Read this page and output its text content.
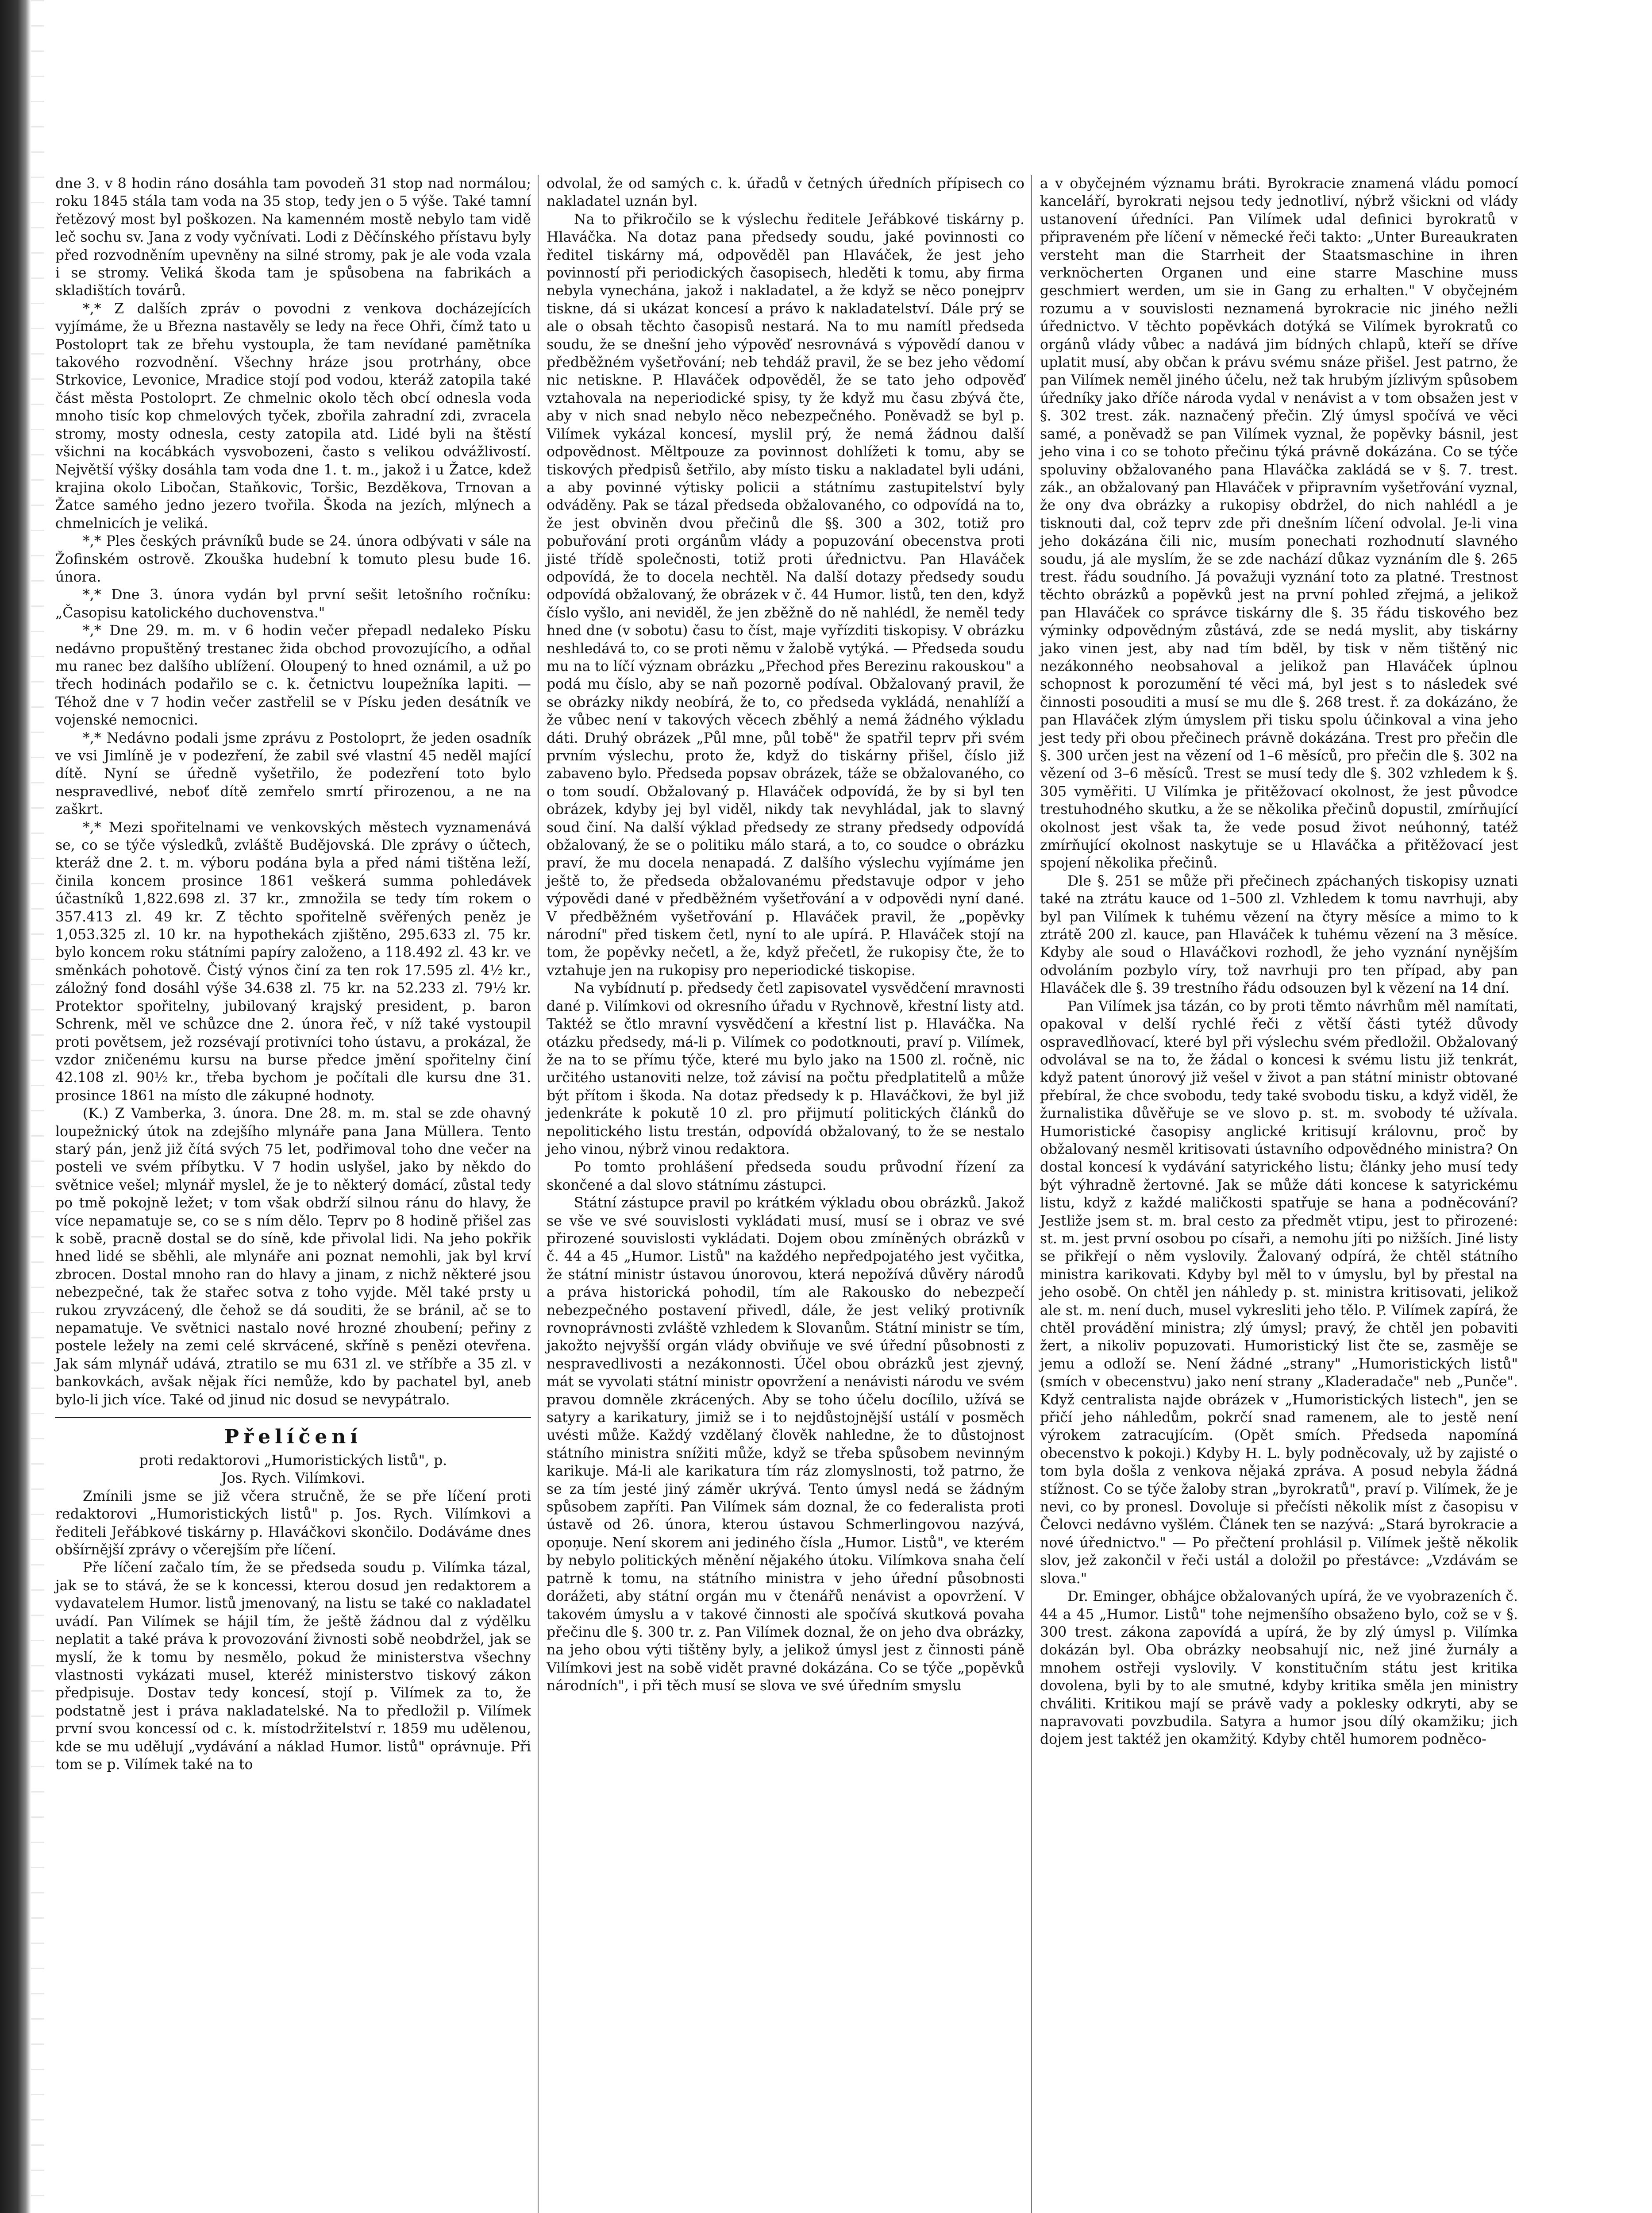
dne 3. v 8 hodin ráno dosáhla tam povodeň 31 stop nad normálou; roku 1845 stála tam voda na 35 stop, tedy jen o 5 výše. Také tamní řetězový most byl poškozen. Na kamenném mostě nebylo tam vidě leč sochu sv. Jana z vody vyčnívati. Lodi z Děčínského přístavu byly před rozvodněním upevněny na silné stromy, pak je ale voda vzala i se stromy. Veliká škoda tam je spůsobena na fabrikách a skladištích továrů.

*,* Z dalších zpráv o povodni z venkova docházejících vyjímáme, že u Března nastavěly se ledy na řece Ohři, čímž tato u Postoloprt tak ze břehu vystoupla, že tam nevídané pamětníka takového rozvodnění. Všechny hráze jsou protrhány, obce Strkovice, Levonice, Mradice stojí pod vodou, kteráž zatopila také část města Postoloprt. Ze chmelnic okolo těch obcí odnesla voda mnoho tisíc kop chmelových tyček, zbořila zahradní zdi, zvracela stromy, mosty odnesla, cesty zatopila atd. Lidé byli na štěstí všichni na kocábkách vysvobozeni, často s velikou odvážlivostí. Největší výšky dosáhla tam voda dne 1. t. m., jakož i u Žatce, kdež krajina okolo Libočan, Staňkovic, Toršic, Bezděkova, Trnovan a Žatce samého jedno jezero tvořila. Škoda na jezích, mlýnech a chmelnicích je veliká.

*,* Ples českých právníků bude se 24. února odbývati v sále na Žofinském ostrově. Zkouška hudební k tomuto plesu bude 16. února.

*,* Dne 3. února vydán byl první sešit letošního ročníku: „Časopisu katolického duchovenstva."

*,* Dne 29. m. m. v 6 hodin večer přepadl nedaleko Písku nedávno propuštěný trestanec žida obchod provozujícího, a odňal mu ranec bez dalšího ublížení. Oloupený to hned oznámil, a už po třech hodinách podařilo se c. k. četnictvu loupežníka lapiti. — Téhož dne v 7 hodin večer zastřelil se v Písku jeden desátník ve vojenské nemocnici.

*,* Nedávno podali jsme zprávu z Postoloprt, že jeden osadník ve vsi Jimlíně je v podezření, že zabil své vlastní 45 neděl mající dítě. Nyní se úředně vyšetřilo, že podezření toto bylo nespravedlivé, neboť dítě zemřelo smrtí přirozenou, a ne na zaškrt.

*,* Mezi spořitelnami ve venkovských městech vyznamenává se, co se týče výsledků, zvláště Budějovská. Dle zprávy o účtech, kteráž dne 2. t. m. výboru podána byla a před námi tištěna leží, činila koncem prosince 1861 veškerá summa pohledávek účastníků 1,822.698 zl. 37 kr., zmnožila se tedy tím rokem o 357.413 zl. 49 kr. Z těchto spořitelně svěřených peněz je 1,053.325 zl. 10 kr. na hypothekách zjištěno, 295.633 zl. 75 kr. bylo koncem roku státními papíry založeno, a 118.492 zl. 43 kr. ve směnkách pohotově. Čistý výnos činí za ten rok 17.595 zl. 4½ kr., záložný fond dosáhl výše 34.638 zl. 75 kr. na 52.233 zl. 79½ kr. Protektor spořitelny, jubilovaný krajský president, p. baron Schrenk, měl ve schůzce dne 2. února řeč, v níž také vystoupil proti povětsem, jež rozsévají protivníci toho ústavu, a prokázal, že vzdor zničenému kursu na burse předce jmění spořitelny činí 42.108 zl. 90½ kr., třeba bychom je počítali dle kursu dne 31. prosince 1861 na místo dle zákupné hodnoty.

(K.) Z Vamberka, 3. února. Dne 28. m. m. stal se zde ohavný loupežnický útok na zdejšího mlynáře pana Jana Müllera. Tento starý pán, jenž již čítá svých 75 let, podřimoval toho dne večer na posteli ve svém příbytku. V 7 hodin uslyšel, jako by někdo do světnice vešel; mlynář myslel, že je to některý domácí, zůstal tedy po tmě pokojně ležet; v tom však obdrží silnou ránu do hlavy, že více nepamatuje se, co se s ním dělo. Teprv po 8 hodině přišel zas k sobě, pracně dostal se do síně, kde přivolal lidi. Na jeho pokřik hned lidé se sběhli, ale mlynáře ani poznat nemohli, jak byl krví zbrocen. Dostal mnoho ran do hlavy a jinam, z nichž některé jsou nebezpečné, tak že stařec sotva z toho vyjde. Měl také prsty u rukou zryvzácený, dle čehož se dá souditi, že se bránil, ač se to nepamatuje. Ve světnici nastalo nové hrozné zhoubení; peřiny z postele ležely na zemi celé skrvácené, skříně s penězi otevřena. Jak sám mlynář udává, ztratilo se mu 631 zl. ve stříbře a 35 zl. v bankovkách, avšak nějak říci nemůže, kdo by pachatel byl, aneb bylo-li jich více. Také od jinud nic dosud se nevypátralo.

Přelíčení
proti redaktorovi „Humoristických listů", p.
Jos. Rych. Vilímkovi.

Zmínili jsme se již včera stručně, že se pře líčení proti redaktorovi „Humoristických listů" p. Jos. Rych. Vilímkovi a řediteli Jeřábkové tiskárny p. Hlaváčkovi skončilo. Dodáváme dnes obšírnější zprávy o včerejším pře líčení.

Pře líčení začalo tím, že se předseda soudu p. Vilímka tázal, jak se to stává, že se k koncessi, kterou dosud jen redaktorem a vydavatelem Humor. listů jmenovaný, na listu se také co nakladatel uvádí. Pan Vilímek se hájil tím, že ještě žádnou dal z výdělku neplatit a také práva k provozování živnosti sobě neobdržel, jak se myslí, že k tomu by nesmělo, pokud že ministerstva všechny vlastnosti vykázati musel, kteréž ministerstvo tiskový zákon předpisuje. Dostav tedy koncesí, stojí p. Vilímek za to, že podstatně jest i práva nakladatelské. Na to předložil p. Vilímek první svou koncessí od c. k. místodržitelství r. 1859 mu udělenou, kde se mu udělují „vydávání a náklad Humor. listů" oprávnuje. Při tom se p. Vilímek také na to

odvolal, že od samých c. k. úřadů v četných úředních přípisech co nakladatel uznán byl.

Na to přikročilo se k výslechu ředitele Jeřábkové tiskárny p. Hlaváčka. Na dotaz pana předsedy soudu, jaké povinnosti co ředitel tiskárny má, odpověděl pan Hlaváček, že jest jeho povinností při periodických časopisech, hleděti k tomu, aby firma nebyla vynechána, jakož i nakladatel, a že když se něco ponejprv tiskne, dá si ukázat koncesí a právo k nakladatelství. Dále prý se ale o obsah těchto časopisů nestará. Na to mu namítl předseda soudu, že se dnešní jeho výpověď nesrovnává s výpovědí danou v předběžném vyšetřování; neb tehdáž pravil, že se bez jeho vědomí nic netiskne. P. Hlaváček odpověděl, že se tato jeho odpověď vztahovala na neperiodické spisy, ty že když mu času zbývá čte, aby v nich snad nebylo něco nebezpečného. Poněvadž se byl p. Vilímek vykázal koncesí, myslil prý, že nemá žádnou další odpovědnost. Měltpouze za povinnost dohlížeti k tomu, aby se tiskových předpisů šetřilo, aby místo tisku a nakladatel byli udáni, a aby povinné výtisky policii a státnímu zastupitelství byly odváděny. Pak se tázal předseda obžalovaného, co odpovídá na to, že jest obviněn dvou přečinů dle §§. 300 a 302, totiž pro pobuřování proti orgánům vlády a popuzování obecenstva proti jisté třídě společnosti, totiž proti úřednictvu. Pan Hlaváček odpovídá, že to docela nechtěl. Na další dotazy předsedy soudu odpovídá obžalovaný, že obrázek v č. 44 Humor. listů, ten den, když číslo vyšlo, ani neviděl, že jen zběžně do ně nahlédl, že neměl tedy hned dne (v sobotu) času to číst, maje vyřízditi tiskopisy. V obrázku neshledává to, co se proti němu v žalobě vytýká. — Předseda soudu mu na to líčí význam obrázku „Přechod přes Berezinu rakouskou" a podá mu číslo, aby se naň pozorně podíval. Obžalovaný pravil, že se obrázky nikdy neobírá, že to, co předseda vykládá, nenahlíží a že vůbec není v takových věcech zběhlý a nemá žádného výkladu dáti. Druhý obrázek „Půl mne, půl tobě" že spatřil teprv při svém prvním výslechu, proto že, když do tiskárny přišel, číslo již zabaveno bylo. Předseda popsav obrázek, táže se obžalovaného, co o tom soudí. Obžalovaný p. Hlaváček odpovídá, že by si byl ten obrázek, kdyby jej byl viděl, nikdy tak nevyhládal, jak to slavný soud činí. Na další výklad předsedy ze strany předsedy odpovídá obžalovaný, že se o politiku málo stará, a to, co soudce o obrázku praví, že mu docela nenapadá. Z dalšího výslechu vyjímáme jen ještě to, že předseda obžalovanému představuje odpor v jeho výpovědi dané v předběžném vyšetřování a v odpovědi nyní dané. V předběžném vyšetřování p. Hlaváček pravil, že „popěvky národní" před tiskem četl, nyní to ale upírá. P. Hlaváček stojí na tom, že popěvky nečetl, a že, když přečetl, že rukopisy čte, že to vztahuje jen na rukopisy pro neperiodické tiskopise.

Na vybídnutí p. předsedy četl zapisovatel vysvědčení mravnosti dané p. Vilímkovi od okresního úřadu v Rychnově, křestní listy atd. Taktéž se čtlo mravní vysvědčení a křestní list p. Hlaváčka. Na otázku předsedy, má-li p. Vilímek co podotknouti, praví p. Vilímek, že na to se přímu týče, které mu bylo jako na 1500 zl. ročně, nic určitého ustanoviti nelze, tož závisí na počtu předplatitelů a může být přítom i škoda. Na dotaz předsedy k p. Hlaváčkovi, že byl již jedenkráte k pokutě 10 zl. pro přijmutí politických článků do nepolitického listu trestán, odpovídá obžalovaný, to že se nestalo jeho vinou, nýbrž vinou redaktora.

Po tomto prohlášení předseda soudu průvodní řízení za skončené a dal slovo státnímu zástupci.

Státní zástupce pravil po krátkém výkladu obou obrázků. Jakož se vše ve své souvislosti vykládati musí, musí se i obraz ve své přirozené souvislosti vykládati. Dojem obou zmíněných obrázků v č. 44 a 45 „Humor. Listů" na každého nepředpojatého jest vyčitka, že státní ministr ústavou únorovou, která nepožívá důvěry národů a práva historická pohodil, tím ale Rakousko do nebezpečí nebezpečného postavení přivedl, dále, že jest veliký protivník rovnoprávnosti zvláště vzhledem k Slovanům. Státní ministr se tím, jakožto nejvyšší orgán vlády obviňuje ve své úřední působnosti z nespravedlivosti a nezákonnosti. Účel obou obrázků jest zjevný, mát se vyvolati státní ministr opovržení a nenávisti národu ve svém pravou domněle zkrácených. Aby se toho účelu docílilo, užívá se satyry a karikatury, jimiž se i to nejdůstojnější ustálí v posměch uvésti může. Každý vzdělaný člověk nahledne, že to důstojnost státního ministra snížiti může, když se třeba spůsobem nevinným karikuje. Má-li ale karikatura tím ráz zlomyslnosti, tož patrno, že se za tím jesté jiný záměr ukrývá. Tento úmysl nedá se žádným spůsobem zapříti. Pan Vilímek sám doznal, že co federalista proti ústavě od 26. února, kterou ústavou Schmerlingovou nazývá, opoņuje. Není skorem ani jediného čísla „Humor. Listů", ve kterém by nebylo politických měnění nějakého útoku. Vilímkova snaha čelí patrně k tomu, na státního ministra v jeho úřední působnosti dorážeti, aby státní orgán mu v čtenářů nenávist a opovržení. V takovém úmyslu a v takové činnosti ale spočívá skutková povaha přečinu dle §. 300 tr. z. Pan Vilímek doznal, že on jeho dva obrázky, na jeho obou výti tištěny byly, a jelikož úmysl jest z činnosti páně Vilímkovi jest na sobě vidět pravné dokázána. Co se týče „popěvků národních", i při těch musí se slova ve své úředním smyslu

a v obyčejném významu bráti. Byrokracie znamená vládu pomocí kanceláří, byrokrati nejsou tedy jednotliví, nýbrž všickni od vlády ustanovení úředníci. Pan Vilímek udal definici byrokratů v připraveném pře líčení v německé řeči takto: „Unter Bureaukraten versteht man die Starrheit der Staatsmaschine in ihren verknöcherten Organen und eine starre Maschine muss geschmiert werden, um sie in Gang zu erhalten." V obyčejném rozumu a v souvislosti neznamená byrokracie nic jiného nežli úřednictvo. V těchto popěvkách dotýká se Vilímek byrokratů co orgánů vlády vůbec a nadává jim bídných chlapů, kteří se dříve uplatit musí, aby občan k právu svému snáze přišel. Jest patrno, že pan Vilímek neměl jiného účelu, než tak hrubým jízlivým spůsobem úředníky jako dříče národa vydal v nenávist a v tom obsažen jest v §. 302 trest. zák. naznačený přečin. Zlý úmysl spočívá ve věci samé, a poněvadž se pan Vilímek vyznal, že popěvky básnil, jest jeho vina i co se tohoto přečinu týká právně dokázána. Co se týče spoluviny obžalovaného pana Hlaváčka zakládá se v §. 7. trest. zák., an obžalovaný pan Hlaváček v připravním vyšetřování vyznal, že ony dva obrázky a rukopisy obdržel, do nich nahlédl a je tisknouti dal, což teprv zde při dnešním líčení odvolal. Je-li vina jeho dokázána čili nic, musím ponechati rozhodnutí slavného soudu, já ale myslím, že se zde nachází důkaz vyznáním dle §. 265 trest. řádu soudního. Já považuji vyznání toto za platné. Trestnost těchto obrázků a popěvků jest na první pohled zřejmá, a jelikož pan Hlaváček co správce tiskárny dle §. 35 řádu tiskového bez výminky odpovědným zůstává, zde se nedá myslit, aby tiskárny jako vinen jest, aby nad tím bděl, by tisk v něm tištěný nic nezákonného neobsahoval a jelikož pan Hlaváček úplnou schopnost k porozumění té věci má, byl jest s to následek své činnosti posouditi a musí se mu dle §. 268 trest. ř. za dokázáno, že pan Hlaváček zlým úmyslem při tisku spolu účinkoval a vina jeho jest tedy při obou přečinech právně dokázána. Trest pro přečin dle §. 300 určen jest na vězení od 1–6 měsíců, pro přečin dle §. 302 na vězení od 3–6 měsíců. Trest se musí tedy dle §. 302 vzhledem k §. 305 vyměřiti. U Vilímka je přitěžovací okolnost, že jest původce trestuhodného skutku, a že se několika přečinů dopustil, zmírňující okolnost jest však ta, že vede posud život neúhonný, tatéž zmírňující okolnost naskytuje se u Hlaváčka a přitěžovací jest spojení několika přečinů.

Dle §. 251 se může při přečinech zpáchaných tiskopisy uznati také na ztrátu kauce od 1–500 zl. Vzhledem k tomu navrhuji, aby byl pan Vilímek k tuhému vězení na čtyry měsíce a mimo to k ztrátě 200 zl. kauce, pan Hlaváček k tuhému vězení na 3 měsíce. Kdyby ale soud o Hlaváčkovi rozhodl, že jeho vyznání nynějším odvoláním pozbylo víry, tož navrhuji pro ten případ, aby pan Hlaváček dle §. 39 trestního řádu odsouzen byl k vězení na 14 dní.

Pan Vilímek jsa tázán, co by proti těmto návrhům měl namítati, opakoval v delší rychlé řeči z větší části tytéž důvody ospravedlňovací, které byl při výslechu svém předložil. Obžalovaný odvolával se na to, že žádal o koncesi k svému listu již tenkrát, když patent únorový již vešel v život a pan státní ministr obtované přebíral, že chce svobodu, tedy také svobodu tisku, a když viděl, že žurnalistika důvěřuje se ve slovo p. st. m. svobody té užívala. Humoristické časopisy anglické kritisují královnu, proč by obžalovaný nesměl kritisovati ústavního odpovědného ministra? On dostal koncesí k vydávání satyrického listu; články jeho musí tedy být výhradně žertovné. Jak se může dáti koncese k satyrickému listu, když z každé maličkosti spatřuje se hana a podněcování? Jestliže jsem st. m. bral cesto za předmět vtipu, jest to přirozené: st. m. jest první osobou po císaři, a nemohu jíti po nižších. Jiné listy se přikřejí o něm vyslovily. Žalovaný odpírá, že chtěl státního ministra karikovati. Kdyby byl měl to v úmyslu, byl by přestal na jeho osobě. On chtěl jen náhledy p. st. ministra kritisovati, jelikož ale st. m. není duch, musel vykresliti jeho tělo. P. Vilímek zapírá, že chtěl provádění ministra; zlý úmysl; pravý, že chtěl jen pobaviti žert, a nikoliv popuzovati. Humoristický list čte se, zasměje se jemu a odloží se. Není žádné „strany" „Humoristických listů" (smích v obecenstvu) jako není strany „Kladeradače" neb „Punče". Když centralista najde obrázek v „Humoristických listech", jen se přičí jeho náhledům, pokrčí snad ramenem, ale to jestě není výrokem zatracujícím. (Opět smích. Předseda napomíná obecenstvo k pokoji.) Kdyby H. L. byly podněcovaly, už by zajisté o tom byla došla z venkova nějaká zpráva. A posud nebyla žádná stížnost. Co se týče žaloby stran „byrokratů", praví p. Vilímek, že je nevi, co by pronesl. Dovoluje si přečísti několik míst z časopisu v Čelovci nedávno vyšlém. Článek ten se nazývá: „Stará byrokracie a nové úřednictvo." — Po přečtení prohlásil p. Vilímek ještě několik slov, jež zakončil v řeči ustál a doložil po přestávce: „Vzdávám se slova."

Dr. Eminger, obhájce obžalovaných upírá, že ve vyobrazeních č. 44 a 45 „Humor. Listů" tohe nejmenšího obsaženo bylo, což se v §. 300 trest. zákona zapovídá a upírá, že by zlý úmysl p. Vilímka dokázán byl. Oba obrázky neobsahují nic, než jiné žurnály a mnohem ostřeji vyslovily. V konstitučním státu jest kritika dovolena, byli by to ale smutné, kdyby kritika směla jen ministry chváliti. Kritikou mají se právě vady a poklesky odkryti, aby se napravovati povzbudila. Satyra a humor jsou dílý okamžiku; jich dojem jest taktéž jen okamžitý. Kdyby chtěl humorem podněco-
